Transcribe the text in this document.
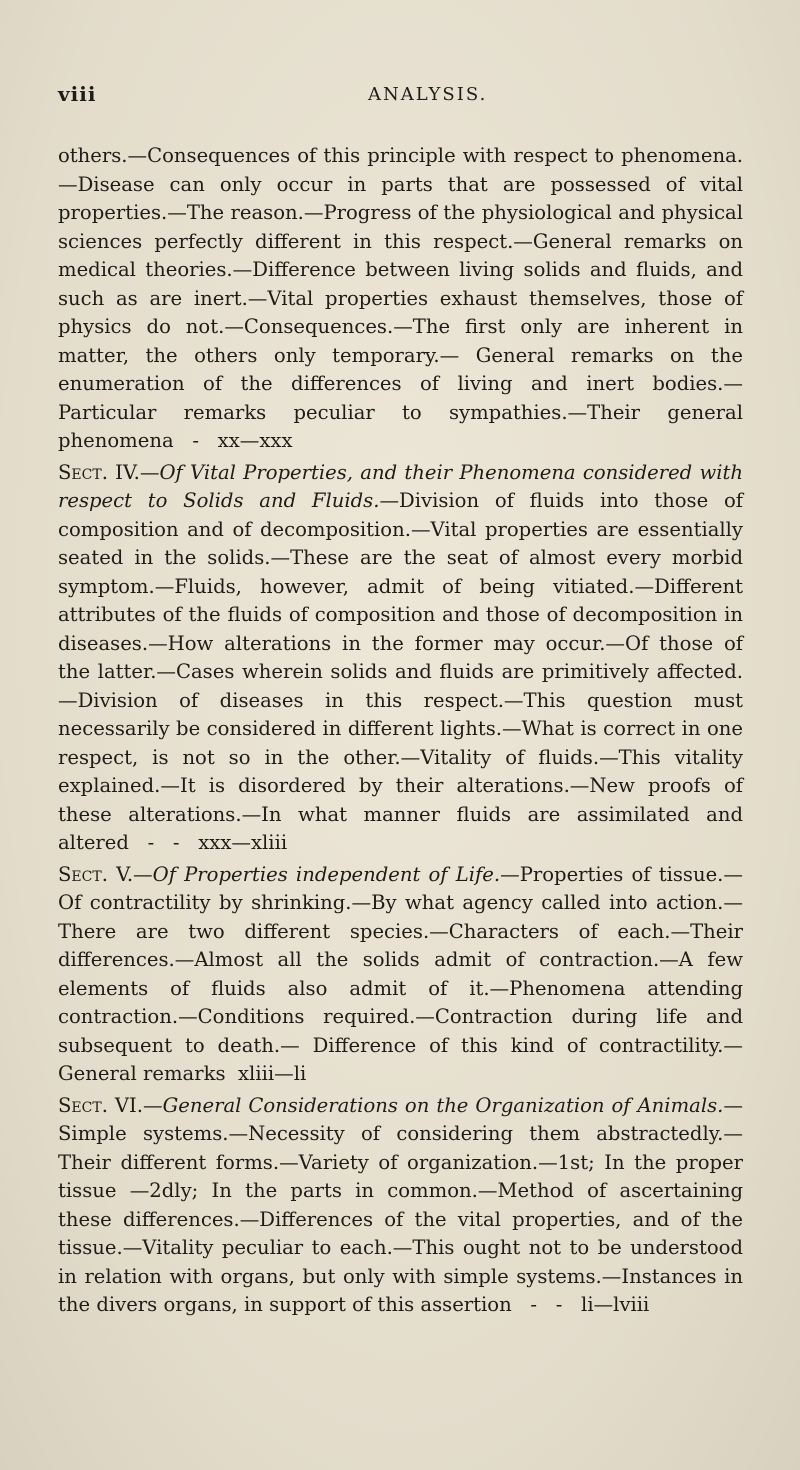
viii	ANALYSIS.

others.—Consequences of this principle with respect to phenomena. —Disease can only occur in parts that are possessed of vital properties.—The reason.—Progress of the physiological and physical sciences perfectly different in this respect.—General remarks on medical theories.—Difference between living solids and fluids, and such as are inert.—Vital properties exhaust themselves, those of physics do not.—Consequences.—The first only are inherent in matter, the others only temporary.— General remarks on the enumeration of the differences of living and inert bodies.—Particular remarks peculiar to sympathies.—Their general phenomena   -   xx—xxx

Sect. IV.—Of Vital Properties, and their Phenomena considered with respect to Solids and Fluids.—Division of fluids into those of composition and of decomposition.—Vital properties are essentially seated in the solids.—These are the seat of almost every morbid symptom.—Fluids, however, admit of being vitiated.—Different attributes of the fluids of composition and those of decomposition in diseases.—How alterations in the former may occur.—Of those of the latter.—Cases wherein solids and fluids are primitively affected.—Division of diseases in this respect.—This question must necessarily be considered in different lights.—What is correct in one respect, is not so in the other.—Vitality of fluids.—This vitality explained.—It is disordered by their alterations.—New proofs of these alterations.—In what manner fluids are assimilated and altered   -   -   xxx—xliii

Sect. V.—Of Properties independent of Life.—Properties of tissue.— Of contractility by shrinking.—By what agency called into action.— There are two different species.—Characters of each.—Their differences.—Almost all the solids admit of contraction.—A few elements of fluids also admit of it.—Phenomena attending contraction.—Conditions required.—Contraction during life and subsequent to death.— Difference of this kind of contractility.—General remarks xliii—li

Sect. VI.—General Considerations on the Organization of Animals.— Simple systems.—Necessity of considering them abstractedly.—Their different forms.—Variety of organization.—1st; In the proper tissue —2dly; In the parts in common.—Method of ascertaining these differences.—Differences of the vital properties, and of the tissue.—Vitality peculiar to each.—This ought not to be understood in relation with organs, but only with simple systems.—Instances in the divers organs, in support of this assertion   -   -   li—lviii
